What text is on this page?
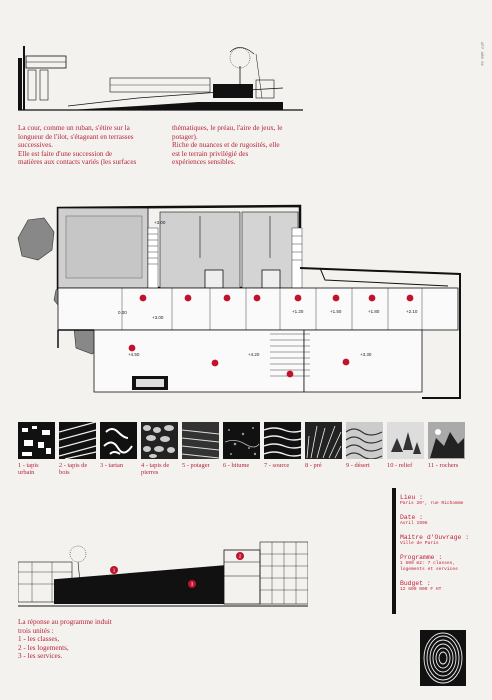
AP7 AR8 01
La cour, comme un ruban, s'étire sur la
longueur de l'ilot, s'étageant en terrasses
successives.
Elle est faite d'une succession de
matières aux contacts variés (les surfaces
thématiques, le préau, l'aire de jeux, le
potager).
Riche de nuances et de rugosités, elle
est le terrain privilégié des
expériences sensibles.
+3.00
0.00
+3.00
+1.20	+1.50	+1.80	+2.10
+4.50	+4.20	+3.30
1 - tapis urbain
2 - tapis de bois
3 - tartan	4 - tapis de pierres
5 - potager	6 - bitume	7 - source	8 - pré	9 - désert	10 - relief	11 - rochers
1
2
3
La réponse au programme induit
trois unités :
1 - les classes,
2 - les logements,
3 - les services.
Lieu :
Paris 20°, rue Richomme
Date :
Avril 1996
Maitre d'Ouvrage :
Ville de Paris
Programme :
1 500 m2: 7 classes,
logements et services
Budget :
12 800 000 F HT
